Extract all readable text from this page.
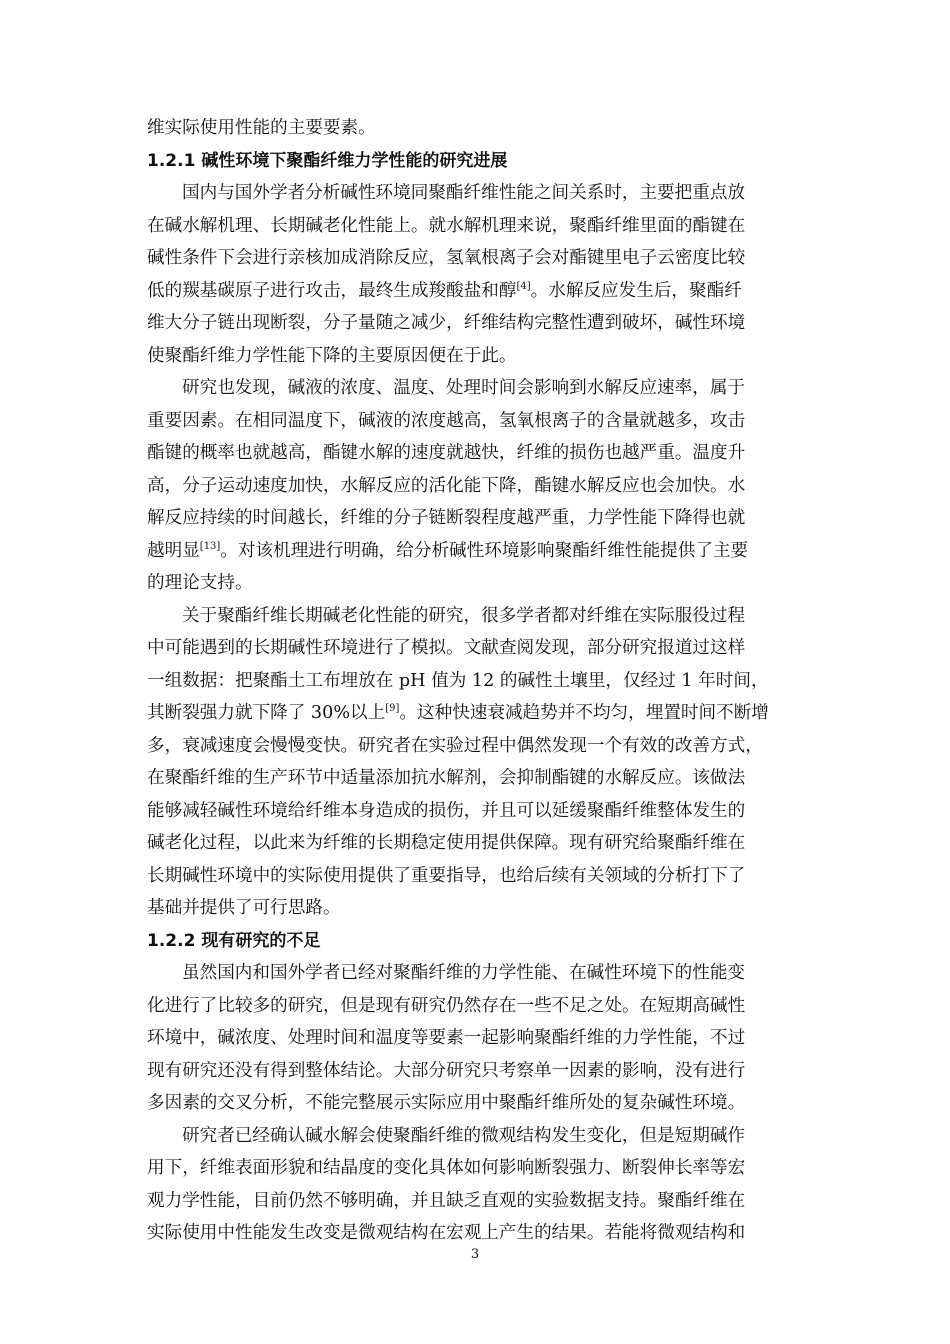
维实际使用性能的主要要素。
1.2.1 碱性环境下聚酯纤维力学性能的研究进展
国内与国外学者分析碱性环境同聚酯纤维性能之间关系时，主要把重点放
在碱水解机理、长期碱老化性能上。就水解机理来说，聚酯纤维里面的酯键在
碱性条件下会进行亲核加成消除反应，氢氧根离子会对酯键里电子云密度比较
低的羰基碳原子进行攻击，最终生成羧酸盐和醇[4]。水解反应发生后，聚酯纤
维大分子链出现断裂，分子量随之减少，纤维结构完整性遭到破坏，碱性环境
使聚酯纤维力学性能下降的主要原因便在于此。
研究也发现，碱液的浓度、温度、处理时间会影响到水解反应速率，属于
重要因素。在相同温度下，碱液的浓度越高，氢氧根离子的含量就越多，攻击
酯键的概率也就越高，酯键水解的速度就越快，纤维的损伤也越严重。温度升
高，分子运动速度加快，水解反应的活化能下降，酯键水解反应也会加快。水
解反应持续的时间越长，纤维的分子链断裂程度越严重，力学性能下降得也就
越明显[13]。对该机理进行明确，给分析碱性环境影响聚酯纤维性能提供了主要
的理论支持。
关于聚酯纤维长期碱老化性能的研究，很多学者都对纤维在实际服役过程
中可能遇到的长期碱性环境进行了模拟。文献查阅发现，部分研究报道过这样
一组数据：把聚酯土工布埋放在 pH 值为 12 的碱性土壤里，仅经过 1 年时间，
其断裂强力就下降了 30%以上[9]。这种快速衰减趋势并不均匀，埋置时间不断增
多，衰减速度会慢慢变快。研究者在实验过程中偶然发现一个有效的改善方式，
在聚酯纤维的生产环节中适量添加抗水解剂，会抑制酯键的水解反应。该做法
能够减轻碱性环境给纤维本身造成的损伤，并且可以延缓聚酯纤维整体发生的
碱老化过程，以此来为纤维的长期稳定使用提供保障。现有研究给聚酯纤维在
长期碱性环境中的实际使用提供了重要指导，也给后续有关领域的分析打下了
基础并提供了可行思路。
1.2.2 现有研究的不足
虽然国内和国外学者已经对聚酯纤维的力学性能、在碱性环境下的性能变
化进行了比较多的研究，但是现有研究仍然存在一些不足之处。在短期高碱性
环境中，碱浓度、处理时间和温度等要素一起影响聚酯纤维的力学性能，不过
现有研究还没有得到整体结论。大部分研究只考察单一因素的影响，没有进行
多因素的交叉分析，不能完整展示实际应用中聚酯纤维所处的复杂碱性环境。
研究者已经确认碱水解会使聚酯纤维的微观结构发生变化，但是短期碱作
用下，纤维表面形貌和结晶度的变化具体如何影响断裂强力、断裂伸长率等宏
观力学性能，目前仍然不够明确，并且缺乏直观的实验数据支持。聚酯纤维在
实际使用中性能发生改变是微观结构在宏观上产生的结果。若能将微观结构和
3
